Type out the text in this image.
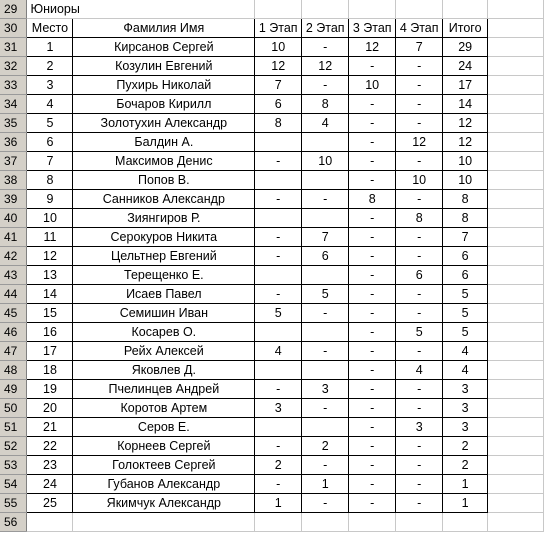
29	Юниоры							
30	Место	Фамилия Имя	1 Этап	2 Этап	3 Этап	4 Этап	Итого	
31	1	Кирсанов Сергей	10	-	12	7	29	
32	2	Козулин Евгений	12	12	-	-	24	
33	3	Пухирь Николай	7	-	10	-	17	
34	4	Бочаров Кирилл	6	8	-	-	14	
35	5	Золотухин Александр	8	4	-	-	12	
36	6	Балдин А.			-	12	12	
37	7	Максимов Денис	-	10	-	-	10	
38	8	Попов В.			-	10	10	
39	9	Санников Александр	-	-	8	-	8	
40	10	Зиянгиров Р.			-	8	8	
41	11	Серокуров Никита	-	7	-	-	7	
42	12	Цельтнер Евгений	-	6	-	-	6	
43	13	Терещенко Е.			-	6	6	
44	14	Исаев Павел	-	5	-	-	5	
45	15	Семишин Иван	5	-	-	-	5	
46	16	Косарев О.			-	5	5	
47	17	Рейх Алексей	4	-	-	-	4	
48	18	Яковлев Д.			-	4	4	
49	19	Пчелинцев Андрей	-	3	-	-	3	
50	20	Коротов Артем	3	-	-	-	3	
51	21	Серов Е.			-	3	3	
52	22	Корнеев Сергей	-	2	-	-	2	
53	23	Голоктеев Сергей	2	-	-	-	2	
54	24	Губанов Александр	-	1	-	-	1	
55	25	Якимчук Александр	1	-	-	-	1	
56								
